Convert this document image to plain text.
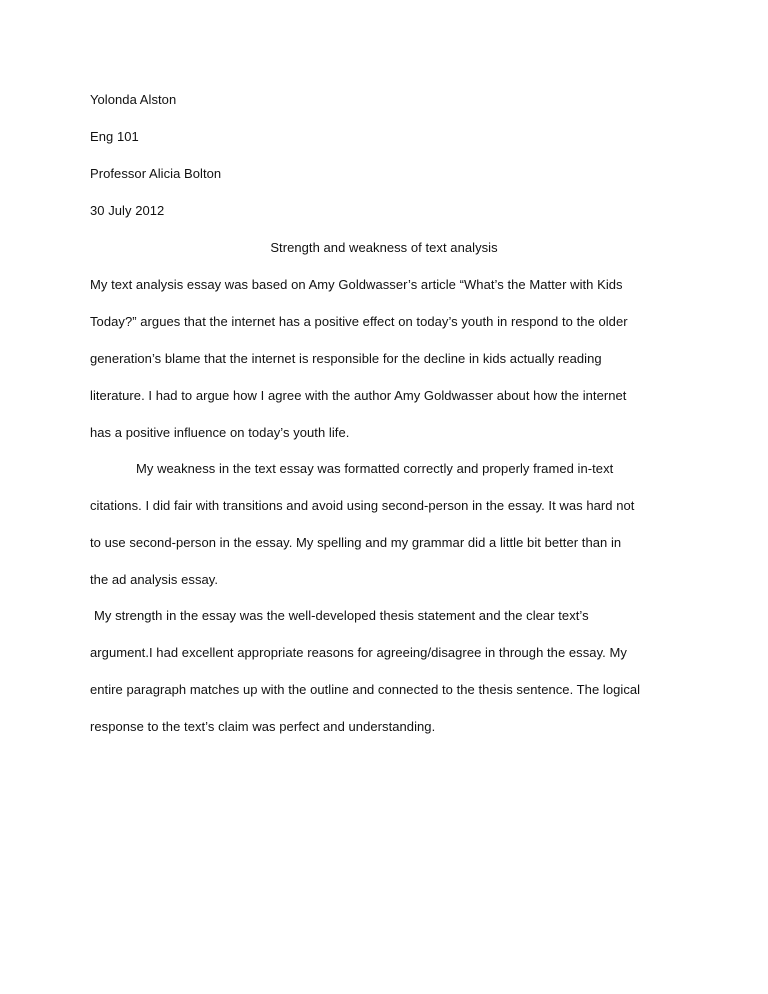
Yolonda Alston
Eng 101
Professor Alicia Bolton
30 July 2012
Strength and weakness of text analysis
My text analysis essay was based on Amy Goldwasser’s article “What’s the Matter with Kids
Today?” argues that the internet has a positive effect on today’s youth in respond to the older
generation’s blame that the internet is responsible for the decline in kids actually reading
literature. I had to argue how I agree with the author Amy Goldwasser about how the internet
has a positive influence on today’s youth life.
My weakness in the text essay was formatted correctly and properly framed in-text
citations. I did fair with transitions and avoid using second-person in the essay. It was hard not
to use second-person in the essay. My spelling and my grammar did a little bit better than in
the ad analysis essay.
My strength in the essay was the well-developed thesis statement and the clear text’s
argument.I had excellent appropriate reasons for agreeing/disagree in through the essay. My
entire paragraph matches up with the outline and connected to the thesis sentence. The logical
response to the text’s claim was perfect and understanding.
